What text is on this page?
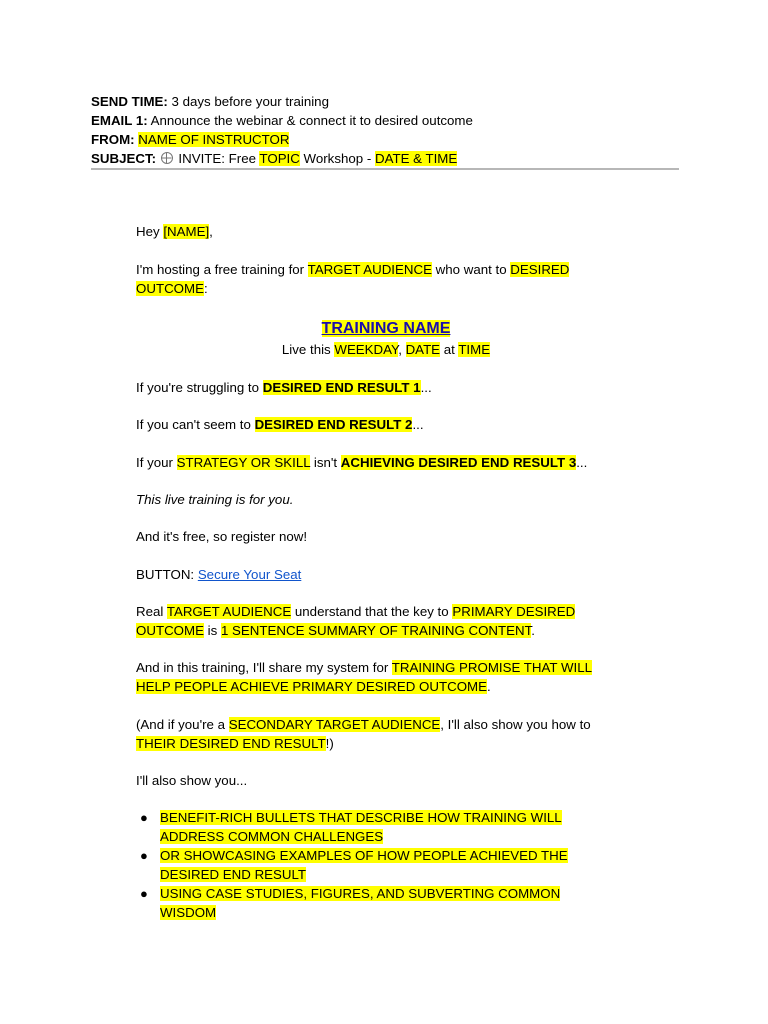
SEND TIME: 3 days before your training
EMAIL 1: Announce the webinar & connect it to desired outcome
FROM: NAME OF INSTRUCTOR
SUBJECT:  INVITE: Free TOPIC Workshop - DATE & TIME
Hey [NAME],
I'm hosting a free training for TARGET AUDIENCE who want to DESIRED
OUTCOME:
TRAINING NAME
Live this WEEKDAY, DATE at TIME
If you're struggling to DESIRED END RESULT 1...
If you can't seem to DESIRED END RESULT 2...
If your STRATEGY OR SKILL isn't ACHIEVING DESIRED END RESULT 3...
This live training is for you.
And it's free, so register now!
BUTTON: Secure Your Seat
Real TARGET AUDIENCE understand that the key to PRIMARY DESIRED
OUTCOME is 1 SENTENCE SUMMARY OF TRAINING CONTENT.
And in this training, I'll share my system for TRAINING PROMISE THAT WILL
HELP PEOPLE ACHIEVE PRIMARY DESIRED OUTCOME.
(And if you're a SECONDARY TARGET AUDIENCE, I'll also show you how to
THEIR DESIRED END RESULT!)
I'll also show you...
● BENEFIT-RICH BULLETS THAT DESCRIBE HOW TRAINING WILL
ADDRESS COMMON CHALLENGES
● OR SHOWCASING EXAMPLES OF HOW PEOPLE ACHIEVED THE
DESIRED END RESULT
● USING CASE STUDIES, FIGURES, AND SUBVERTING COMMON
WISDOM
